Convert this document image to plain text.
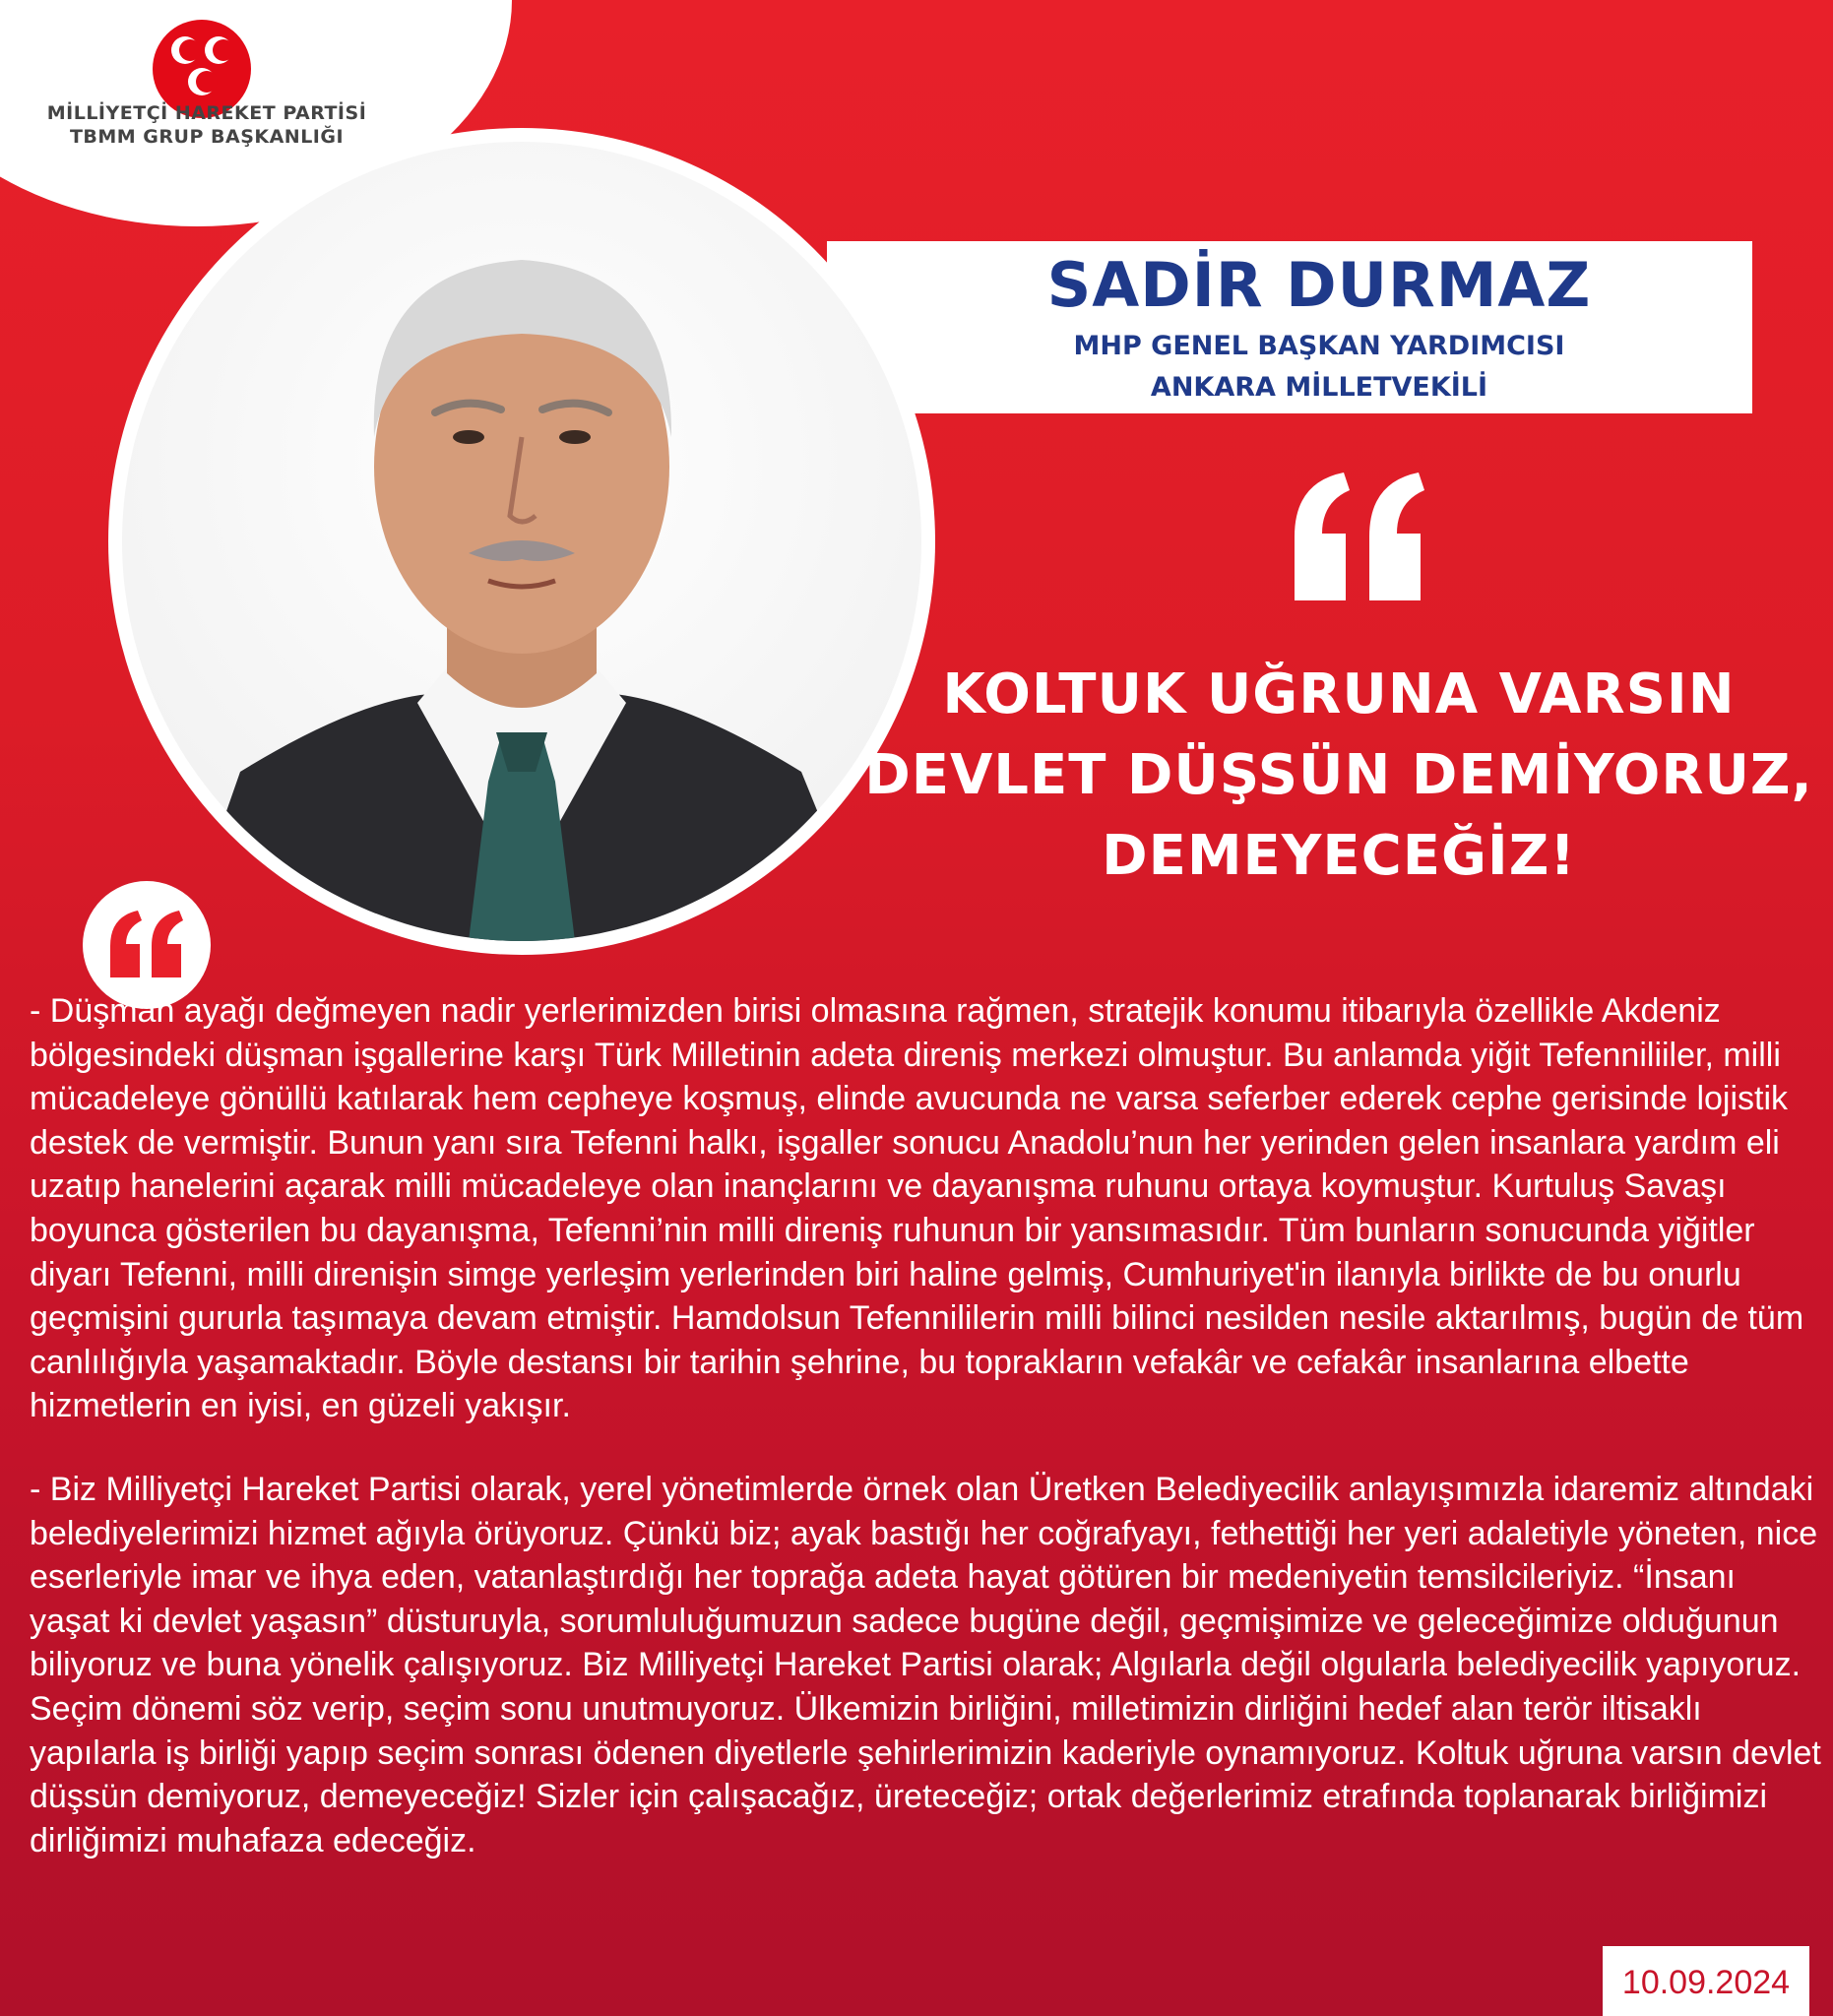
MİLLİYETÇİ HAREKET PARTİSİ
TBMM GRUP BAŞKANLIĞI
SADİR DURMAZ
MHP GENEL BAŞKAN YARDIMCISI
ANKARA MİLLETVEKİLİ
KOLTUK UĞRUNA VARSIN
DEVLET DÜŞSÜN DEMİYORUZ,
DEMEYECEĞİZ!

- Düşman ayağı değmeyen nadir yerlerimizden birisi olmasına rağmen, stratejik konumu itibarıyla özellikle Akdeniz bölgesindeki düşman işgallerine karşı Türk Milletinin adeta direniş merkezi olmuştur. Bu anlamda yiğit Tefenniliiler, milli mücadeleye gönüllü katılarak hem cepheye koşmuş, elinde avucunda ne varsa seferber ederek cephe gerisinde lojistik destek de vermiştir. Bunun yanı sıra Tefenni halkı, işgaller sonucu Anadolu’nun her yerinden gelen insanlara yardım eli uzatıp hanelerini açarak milli mücadeleye olan inançlarını ve dayanışma ruhunu ortaya koymuştur. Kurtuluş Savaşı boyunca gösterilen bu dayanışma, Tefenni’nin milli direniş ruhunun bir yansımasıdır. Tüm bunların sonucunda yiğitler diyarı Tefenni, milli direnişin simge yerleşim yerlerinden biri haline gelmiş, Cumhuriyet'in ilanıyla birlikte de bu onurlu geçmişini gururla taşımaya devam etmiştir. Hamdolsun Tefennililerin milli bilinci nesilden nesile aktarılmış, bugün de tüm canlılığıyla yaşamaktadır. Böyle destansı bir tarihin şehrine, bu toprakların vefakâr ve cefakâr insanlarına elbette hizmetlerin en iyisi, en güzeli yakışır.

- Biz Milliyetçi Hareket Partisi olarak, yerel yönetimlerde örnek olan Üretken Belediyecilik anlayışımızla idaremiz altındaki belediyelerimizi hizmet ağıyla örüyoruz. Çünkü biz; ayak bastığı her coğrafyayı, fethettiği her yeri adaletiyle yöneten, nice eserleriyle imar ve ihya eden, vatanlaştırdığı her toprağa adeta hayat götüren bir medeniyetin temsilcileriyiz. “İnsanı yaşat ki devlet yaşasın” düsturuyla, sorumluluğumuzun sadece bugüne değil, geçmişimize ve geleceğimize olduğunun biliyoruz ve buna yönelik çalışıyoruz. Biz Milliyetçi Hareket Partisi olarak; Algılarla değil olgularla belediyecilik yapıyoruz. Seçim dönemi söz verip, seçim sonu unutmuyoruz. Ülkemizin birliğini, milletimizin dirliğini hedef alan terör iltisaklı yapılarla iş birliği yapıp seçim sonrası ödenen diyetlerle şehirlerimizin kaderiyle oynamıyoruz. Koltuk uğruna varsın devlet düşsün demiyoruz, demeyeceğiz! Sizler için çalışacağız, üreteceğiz; ortak değerlerimiz etrafında toplanarak birliğimizi dirliğimizi muhafaza edeceğiz.

10.09.2024
